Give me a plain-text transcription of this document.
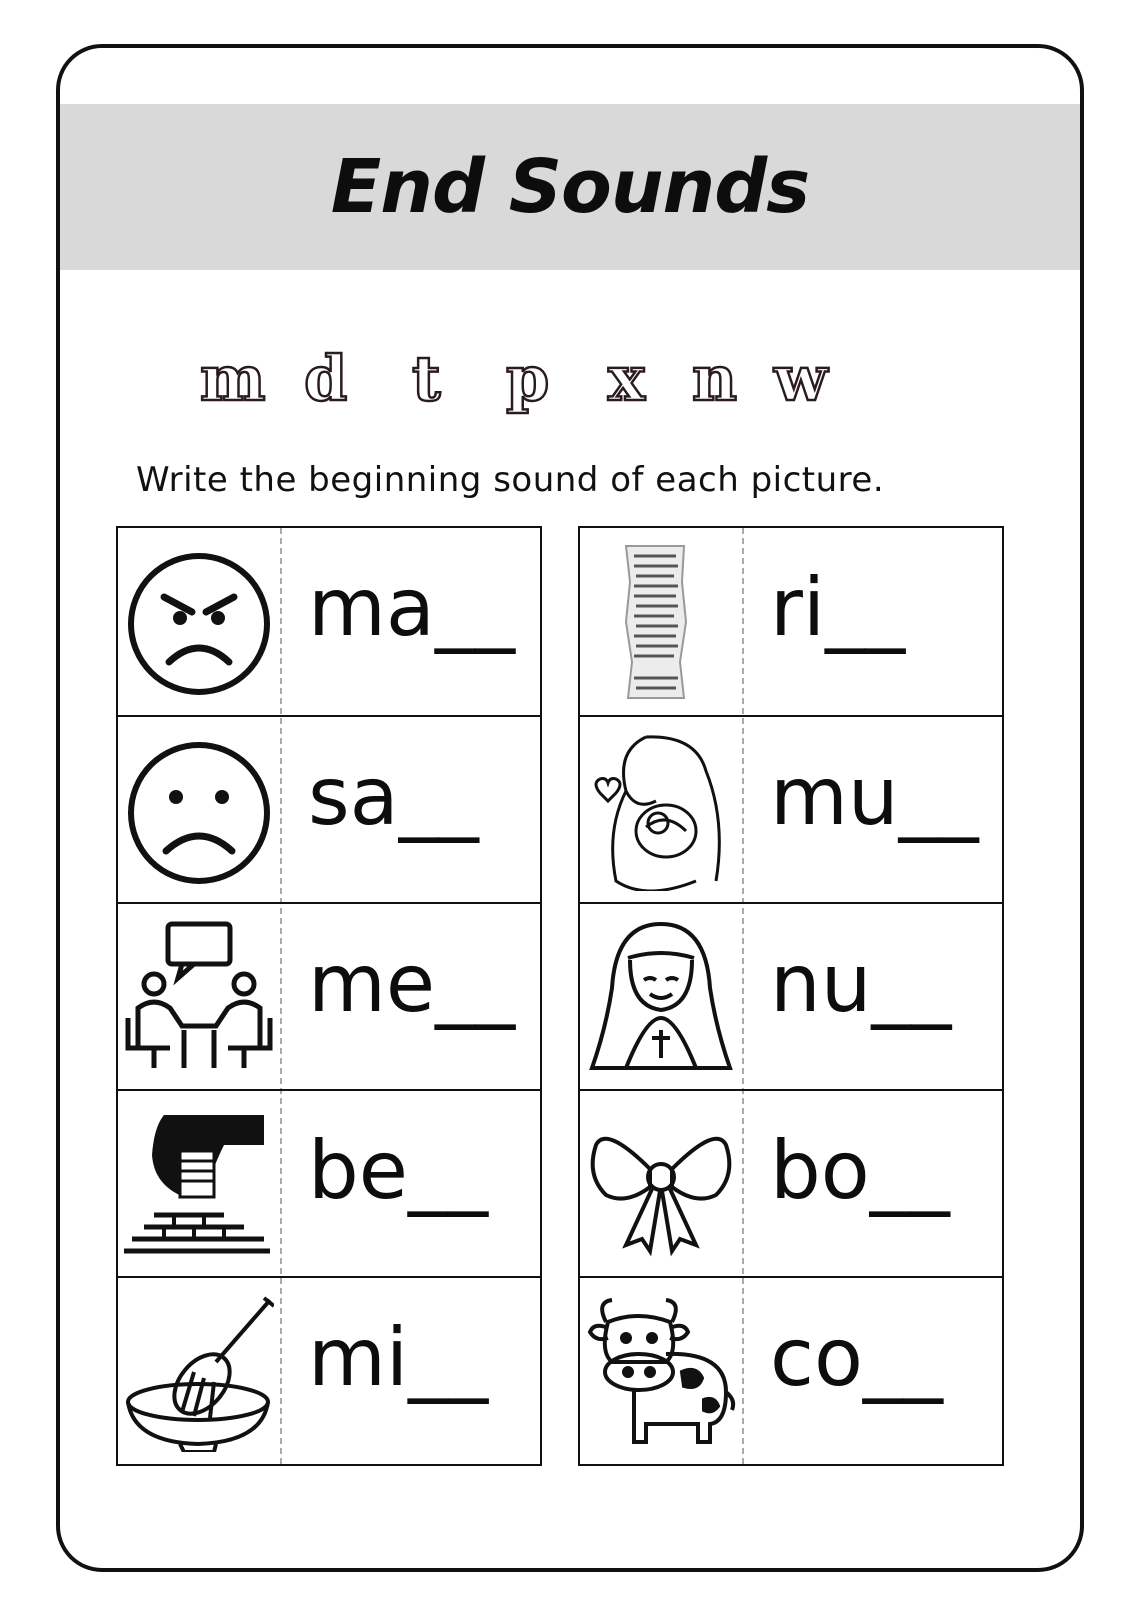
End Sounds
m d t p x n w
Write the beginning sound of each picture.
ma__
sa__
me__
be__
mi__
ri__
mu__
nu__
bo__
co__
